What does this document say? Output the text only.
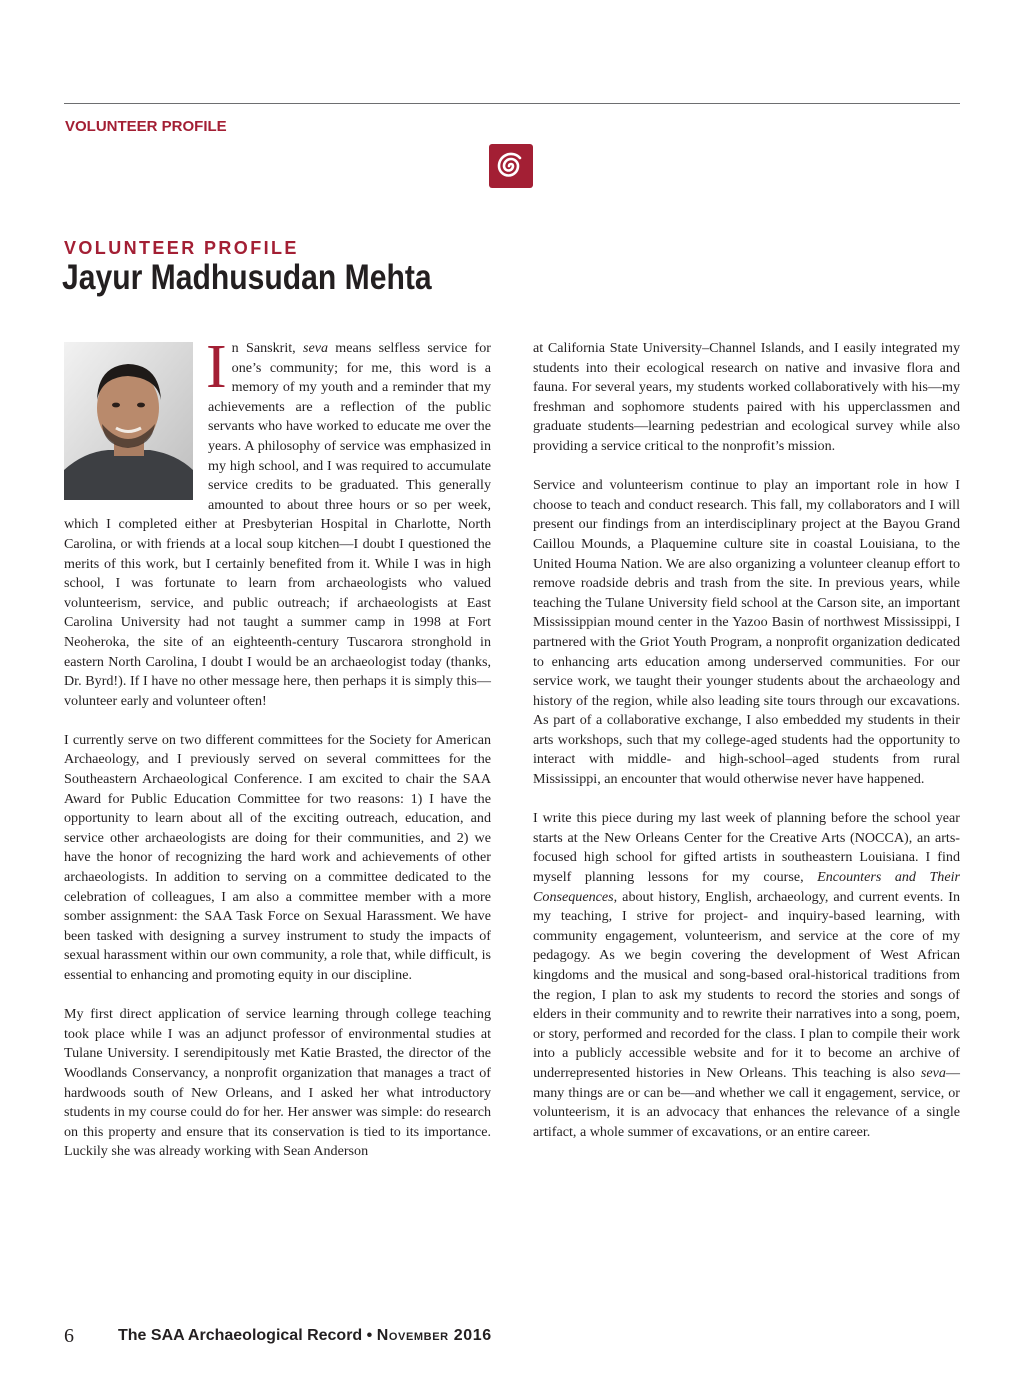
VOLUNTEER PROFILE
VOLUNTEER PROFILE
Jayur Madhusudan Mehta

In Sanskrit, seva means selfless service for one’s community; for me, this word is a memory of my youth and a reminder that my achievements are a reflection of the public servants who have worked to educate me over the years. A philosophy of service was emphasized in my high school, and I was required to accumulate service credits to be graduated. This generally amounted to about three hours or so per week, which I completed either at Presbyterian Hospital in Charlotte, North Carolina, or with friends at a local soup kitchen—I doubt I questioned the merits of this work, but I certainly benefited from it. While I was in high school, I was fortunate to learn from archaeologists who valued volunteerism, service, and public outreach; if archaeologists at East Carolina University had not taught a summer camp in 1998 at Fort Neoheroka, the site of an eighteenth-century Tuscarora stronghold in eastern North Carolina, I doubt I would be an archaeologist today (thanks, Dr. Byrd!). If I have no other message here, then perhaps it is simply this—volunteer early and volunteer often!

I currently serve on two different committees for the Society for American Archaeology, and I previously served on several committees for the Southeastern Archaeological Conference. I am excited to chair the SAA Award for Public Education Committee for two reasons: 1) I have the opportunity to learn about all of the exciting outreach, education, and service other archaeologists are doing for their communities, and 2) we have the honor of recognizing the hard work and achievements of other archaeologists. In addition to serving on a committee dedicated to the celebration of colleagues, I am also a committee member with a more somber assignment: the SAA Task Force on Sexual Harassment. We have been tasked with designing a survey instrument to study the impacts of sexual harassment within our own community, a role that, while difficult, is essential to enhancing and promoting equity in our discipline.

My first direct application of service learning through college teaching took place while I was an adjunct professor of environmental studies at Tulane University. I serendipitously met Katie Brasted, the director of the Woodlands Conservancy, a nonprofit organization that manages a tract of hardwoods south of New Orleans, and I asked her what introductory students in my course could do for her. Her answer was simple: do research on this property and ensure that its conservation is tied to its importance. Luckily she was already working with Sean Anderson

at California State University–Channel Islands, and I easily integrated my students into their ecological research on native and invasive flora and fauna. For several years, my students worked collaboratively with his—my freshman and sophomore students paired with his upperclassmen and graduate students—learning pedestrian and ecological survey while also providing a service critical to the nonprofit’s mission.

Service and volunteerism continue to play an important role in how I choose to teach and conduct research. This fall, my collaborators and I will present our findings from an interdisciplinary project at the Bayou Grand Caillou Mounds, a Plaquemine culture site in coastal Louisiana, to the United Houma Nation. We are also organizing a volunteer cleanup effort to remove roadside debris and trash from the site. In previous years, while teaching the Tulane University field school at the Carson site, an important Mississippian mound center in the Yazoo Basin of northwest Mississippi, I partnered with the Griot Youth Program, a nonprofit organization dedicated to enhancing arts education among underserved communities. For our service work, we taught their younger students about the archaeology and history of the region, while also leading site tours through our excavations. As part of a collaborative exchange, I also embedded my students in their arts workshops, such that my college-aged students had the opportunity to interact with middle- and high-school–aged students from rural Mississippi, an encounter that would otherwise never have happened.

I write this piece during my last week of planning before the school year starts at the New Orleans Center for the Creative Arts (NOCCA), an arts-focused high school for gifted artists in southeastern Louisiana. I find myself planning lessons for my course, Encounters and Their Consequences, about history, English, archaeology, and current events. In my teaching, I strive for project- and inquiry-based learning, with community engagement, volunteerism, and service at the core of my pedagogy. As we begin covering the development of West African kingdoms and the musical and song-based oral-historical traditions from the region, I plan to ask my students to record the stories and songs of elders in their community and to rewrite their narratives into a song, poem, or story, performed and recorded for the class. I plan to compile their work into a publicly accessible website and for it to become an archive of underrepresented histories in New Orleans. This teaching is also seva—many things are or can be—and whether we call it engagement, service, or volunteerism, it is an advocacy that enhances the relevance of a single artifact, a whole summer of excavations, or an entire career.

6	The SAA Archaeological Record • November 2016
